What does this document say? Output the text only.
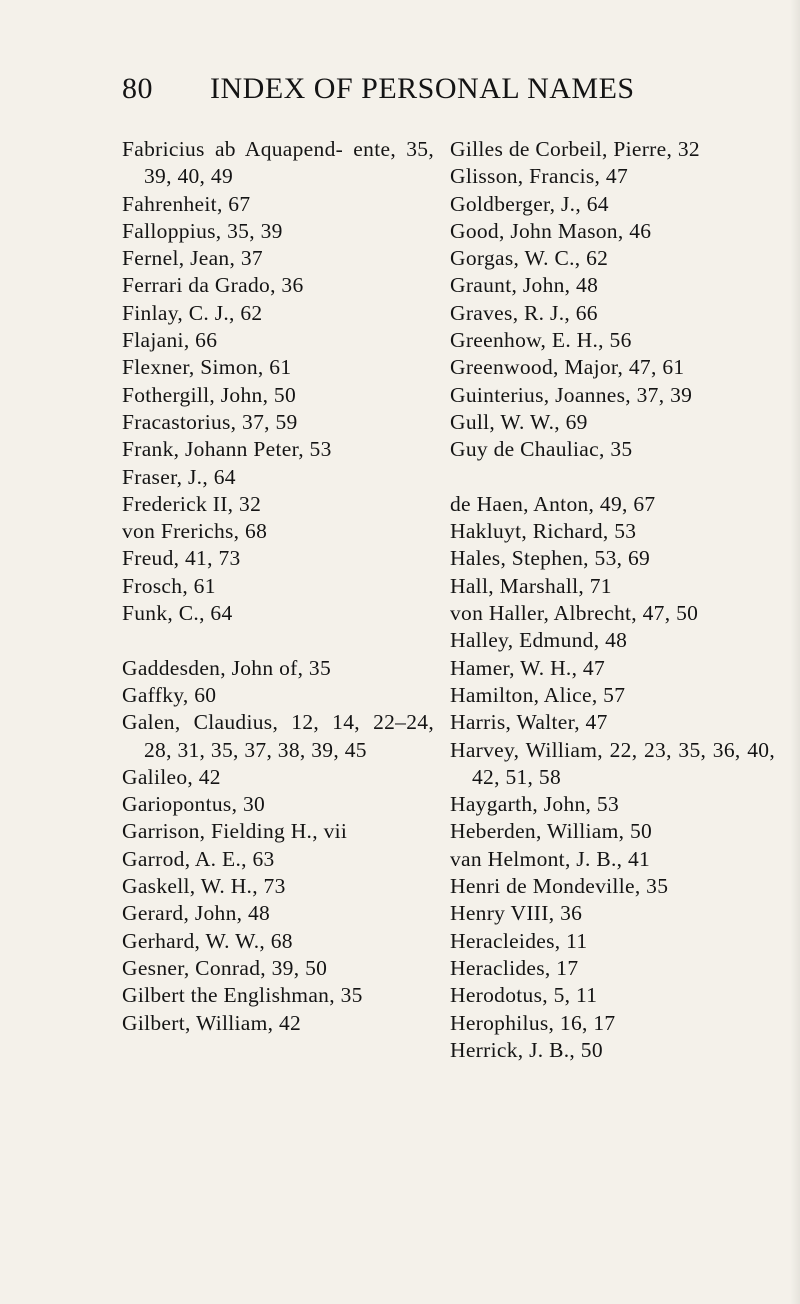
80 INDEX OF PERSONAL NAMES
Fabricius ab Aquapend- ente, 35, 39, 40, 49
Fahrenheit, 67
Falloppius, 35, 39
Fernel, Jean, 37
Ferrari da Grado, 36
Finlay, C. J., 62
Flajani, 66
Flexner, Simon, 61
Fothergill, John, 50
Fracastorius, 37, 59
Frank, Johann Peter, 53
Fraser, J., 64
Frederick II, 32
von Frerichs, 68
Freud, 41, 73
Frosch, 61
Funk, C., 64
Gaddesden, John of, 35
Gaffky, 60
Galen, Claudius, 12, 14, 22–24, 28, 31, 35, 37, 38, 39, 45
Galileo, 42
Gariopontus, 30
Garrison, Fielding H., vii
Garrod, A. E., 63
Gaskell, W. H., 73
Gerard, John, 48
Gerhard, W. W., 68
Gesner, Conrad, 39, 50
Gilbert the Englishman, 35
Gilbert, William, 42
Gilles de Corbeil, Pierre, 32
Glisson, Francis, 47
Goldberger, J., 64
Good, John Mason, 46
Gorgas, W. C., 62
Graunt, John, 48
Graves, R. J., 66
Greenhow, E. H., 56
Greenwood, Major, 47, 61
Guinterius, Joannes, 37, 39
Gull, W. W., 69
Guy de Chauliac, 35
de Haen, Anton, 49, 67
Hakluyt, Richard, 53
Hales, Stephen, 53, 69
Hall, Marshall, 71
von Haller, Albrecht, 47, 50
Halley, Edmund, 48
Hamer, W. H., 47
Hamilton, Alice, 57
Harris, Walter, 47
Harvey, William, 22, 23, 35, 36, 40, 42, 51, 58
Haygarth, John, 53
Heberden, William, 50
van Helmont, J. B., 41
Henri de Mondeville, 35
Henry VIII, 36
Heracleides, 11
Heraclides, 17
Herodotus, 5, 11
Herophilus, 16, 17
Herrick, J. B., 50
